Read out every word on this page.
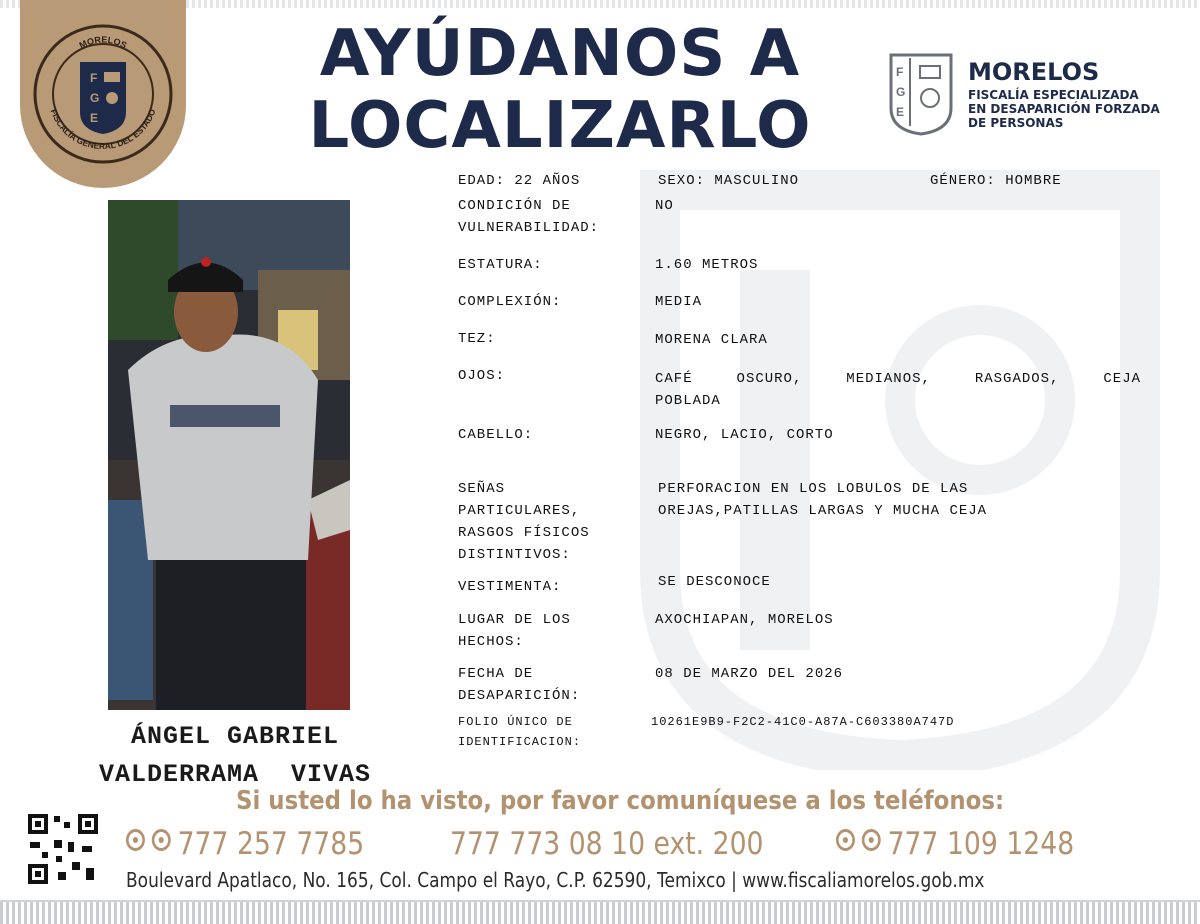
MORELOS
FISCALÍA GENERAL DEL ESTADO
F
G
E
AYÚDANOS A
LOCALIZARLO
F
G
E
MORELOS
FISCALÍA ESPECIALIZADA
EN DESAPARICIÓN FORZADA
DE PERSONAS
ÁNGEL GABRIEL
VALDERRAMA  VIVAS
EDAD: 22 AÑOS	SEXO: MASCULINO	GÉNERO: HOMBRE
CONDICIÓN DE
VULNERABILIDAD:
NO
ESTATURA:	1.60 METROS
COMPLEXIÓN:	MEDIA
TEZ:	MORENA CLARA
OJOS:	CAFÉ OSCURO, MEDIANOS, RASGADOS, CEJA
POBLADA
CABELLO:	NEGRO, LACIO, CORTO
SEÑAS
PARTICULARES,
RASGOS FÍSICOS
DISTINTIVOS:
PERFORACION EN LOS LOBULOS DE LAS
OREJAS,PATILLAS LARGAS Y MUCHA CEJA
VESTIMENTA:	SE DESCONOCE
LUGAR DE LOS
HECHOS:
AXOCHIAPAN, MORELOS
FECHA DE
DESAPARICIÓN:
08 DE MARZO DEL 2026
FOLIO ÚNICO DE
IDENTIFICACION:
10261E9B9-F2C2-41C0-A87A-C603380A747D
Si usted lo ha visto, por favor comuníquese a los teléfonos:
777 257 7785	777 773 08 10 ext. 200	777 109 1248
Boulevard Apatlaco, No. 165, Col. Campo el Rayo, C.P. 62590, Temixco | www.fiscaliamorelos.gob.mx
